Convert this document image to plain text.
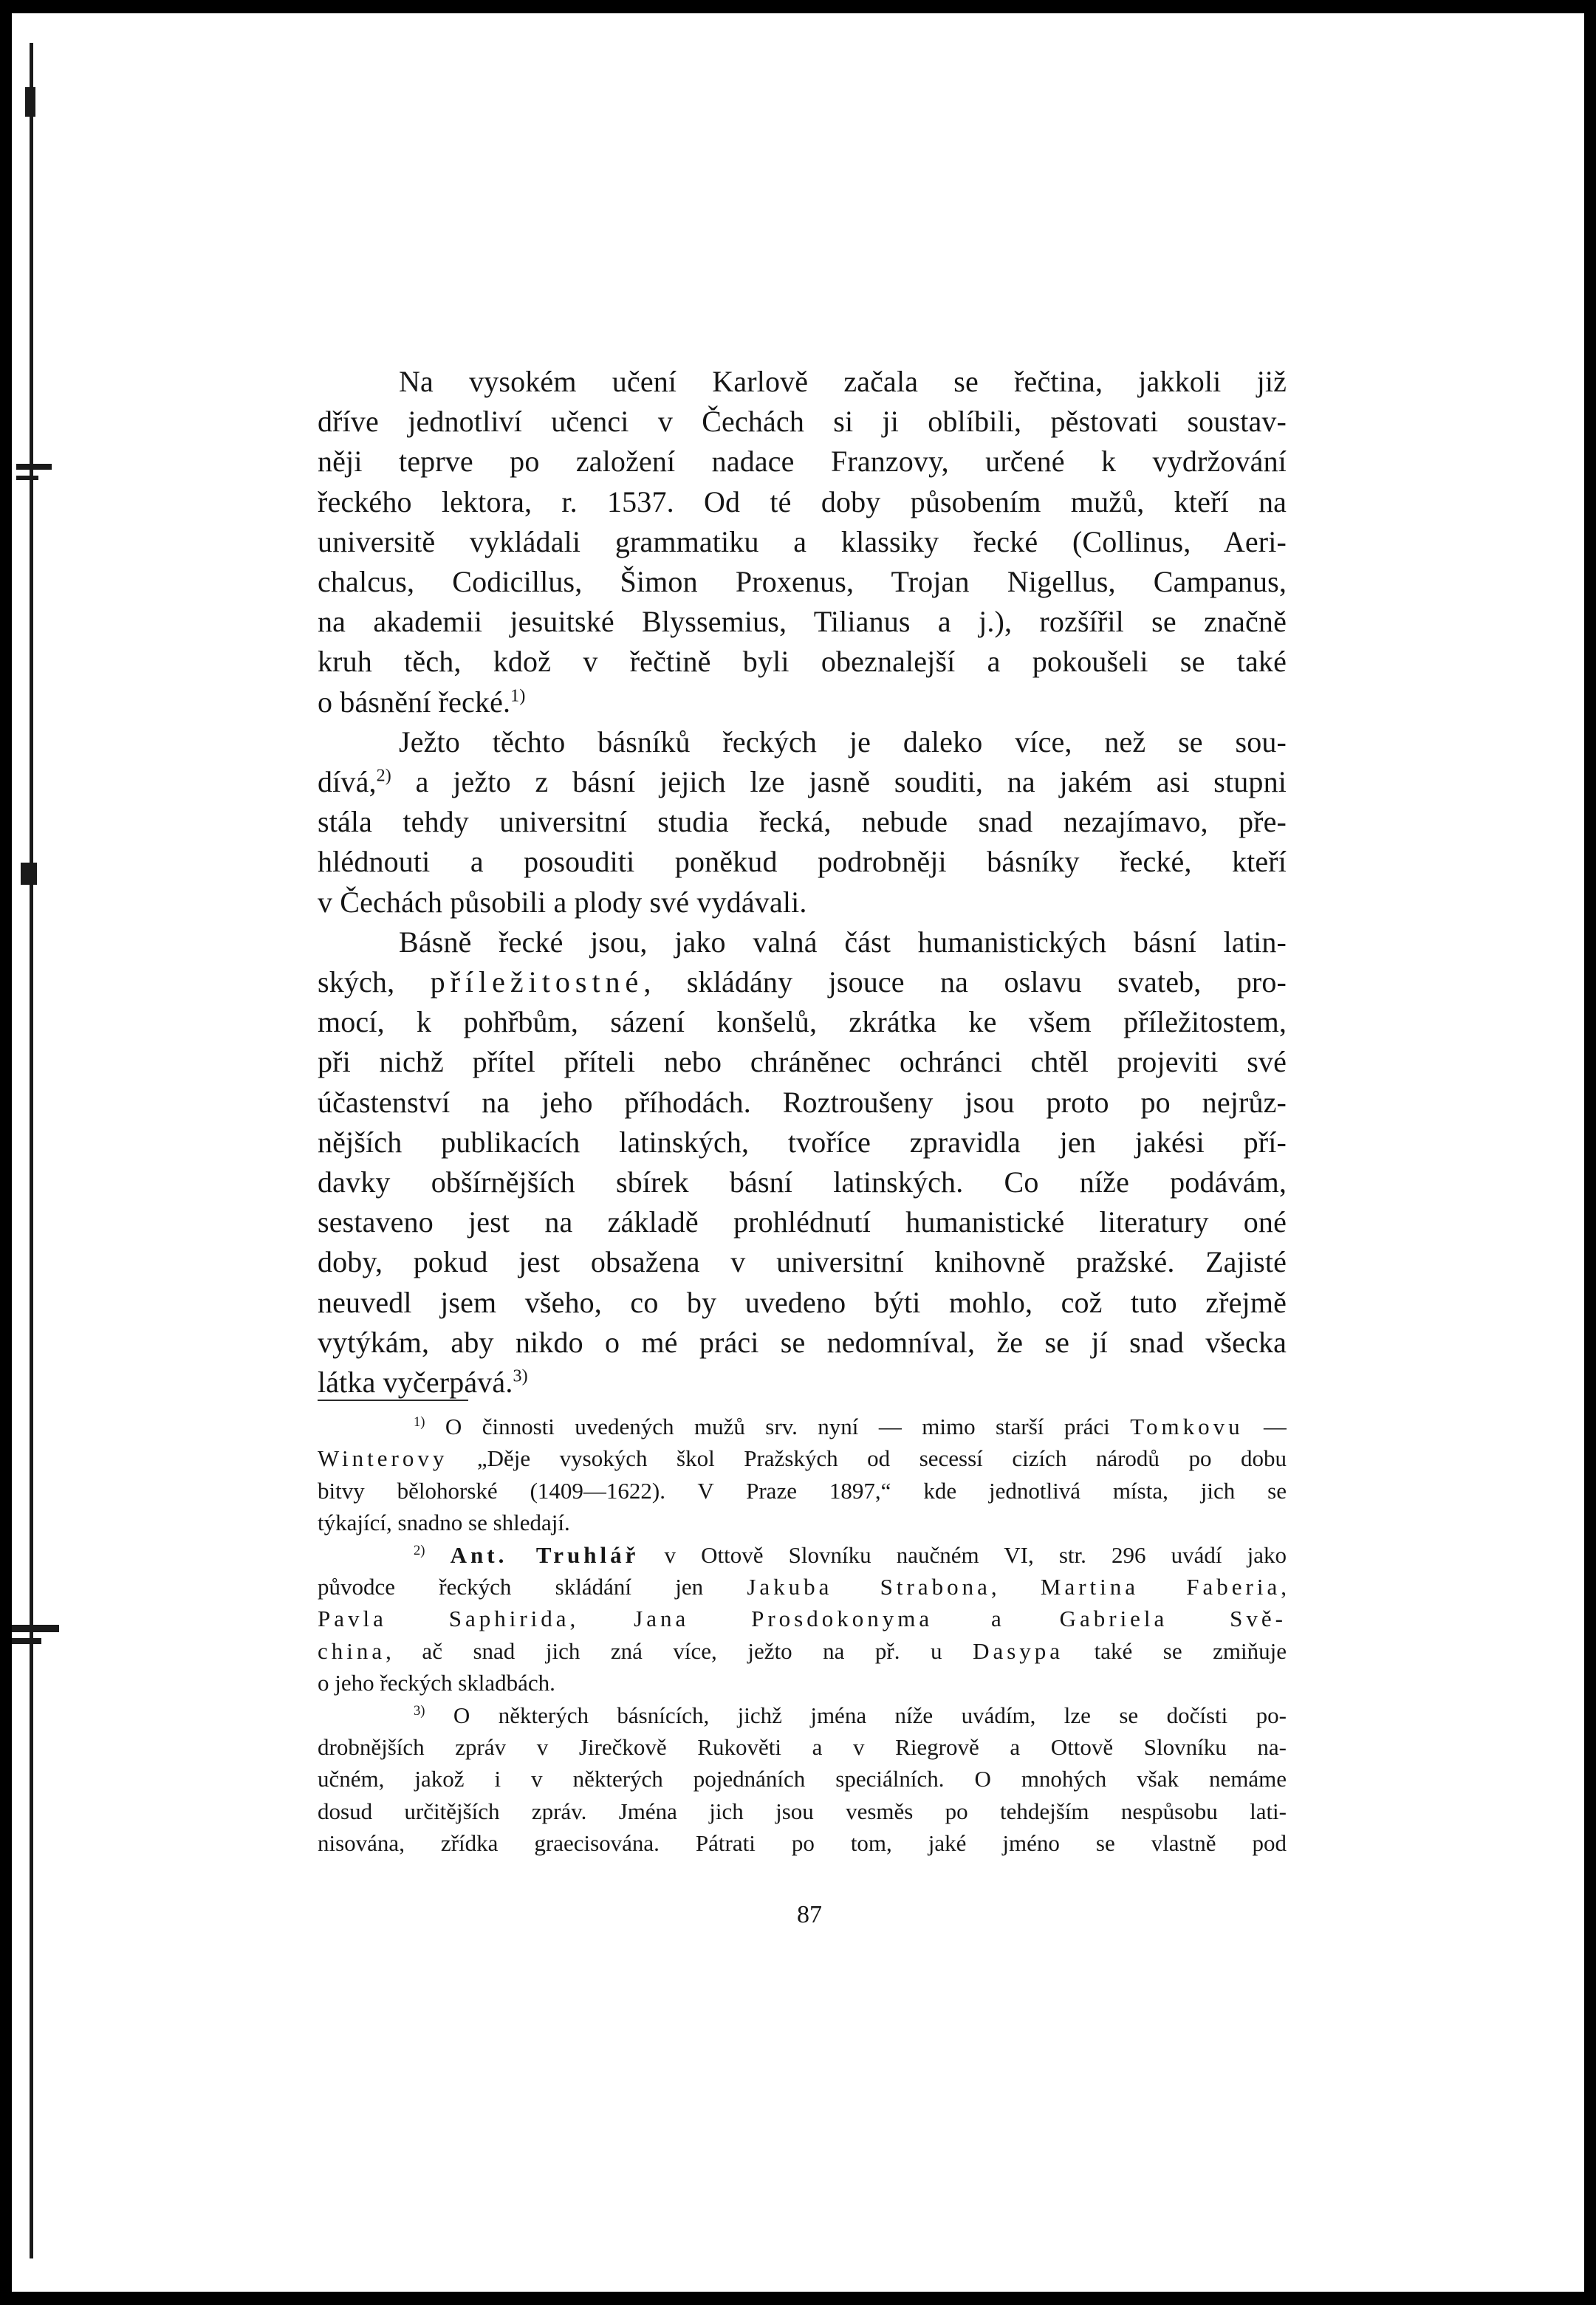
Na vysokém učení Karlově začala se řečtina, jakkoli již
dříve jednotliví učenci v Čechách si ji oblíbili, pěstovati soustav-
něji teprve po založení nadace Franzovy, určené k vydržování
řeckého lektora, r. 1537. Od té doby působením mužů, kteří na
universitě vykládali grammatiku a klassiky řecké (Collinus, Aeri-
chalcus, Codicillus, Šimon Proxenus, Trojan Nigellus, Campanus,
na akademii jesuitské Blyssemius, Tilianus a j.), rozšířil se značně
kruh těch, kdož v řečtině byli obeznalejší a pokoušeli se také
o básnění řecké.$^{1)}$

Ježto těchto básníků řeckých je daleko více, než se sou-
dívá,$^{2)}$ a ježto z básní jejich lze jasně souditi, na jakém asi stupni
stála tehdy universitní studia řecká, nebude snad nezajímavo, pře-
hlédnouti a posouditi poněkud podrobněji básníky řecké, kteří
v Čechách působili a plody své vydávali.

Básně řecké jsou, jako valná část humanistických básní latin-
ských, příležitostné, skládány jsouce na oslavu svateb, pro-
mocí, k pohřbům, sázení konšelů, zkrátka ke všem příležitostem,
při nichž přítel příteli nebo chráněnec ochránci chtěl projeviti své
účastenství na jeho příhodách. Roztroušeny jsou proto po nejrůz-
nějších publikacích latinských, tvoříce zpravidla jen jakési pří-
davky obšírnějších sbírek básní latinských. Co níže podávám,
sestaveno jest na základě prohlédnutí humanistické literatury oné
doby, pokud jest obsažena v universitní knihovně pražské. Zajisté
neuvedl jsem všeho, co by uvedeno býti mohlo, což tuto zřejmě
vytýkám, aby nikdo o mé práci se nedomníval, že se jí snad všecka
látka vyčerpává.$^{3)}$

$^{1)}$ O činnosti uvedených mužů srv. nyní — mimo starší práci Tomkovu —
Winterovy „Děje vysokých škol Pražských od secessí cizích národů po dobu
bitvy bělohorské (1409—1622). V Praze 1897,“ kde jednotlivá místa, jich se
týkající, snadno se shledají.
$^{2)}$ Ant. Truhlář v Ottově Slovníku naučném VI, str. 296 uvádí jako
původce řeckých skládání jen Jakuba Strabona, Martina Faberia,
Pavla Saphirida, Jana Prosdokonyma a Gabriela Svě-
china, ač snad jich zná více, ježto na př. u Dasypa také se zmiňuje
o jeho řeckých skladbách.
$^{3)}$ O některých básnících, jichž jména níže uvádím, lze se dočísti po-
drobnějších zpráv v Jirečkově Rukověti a v Riegrově a Ottově Slovníku na-
učném, jakož i v některých pojednáních speciálních. O mnohých však nemáme
dosud určitějších zpráv. Jména jich jsou vesměs po tehdejším nespůsobu lati-
nisována, zřídka graecisována. Pátrati po tom, jaké jméno se vlastně pod
87
